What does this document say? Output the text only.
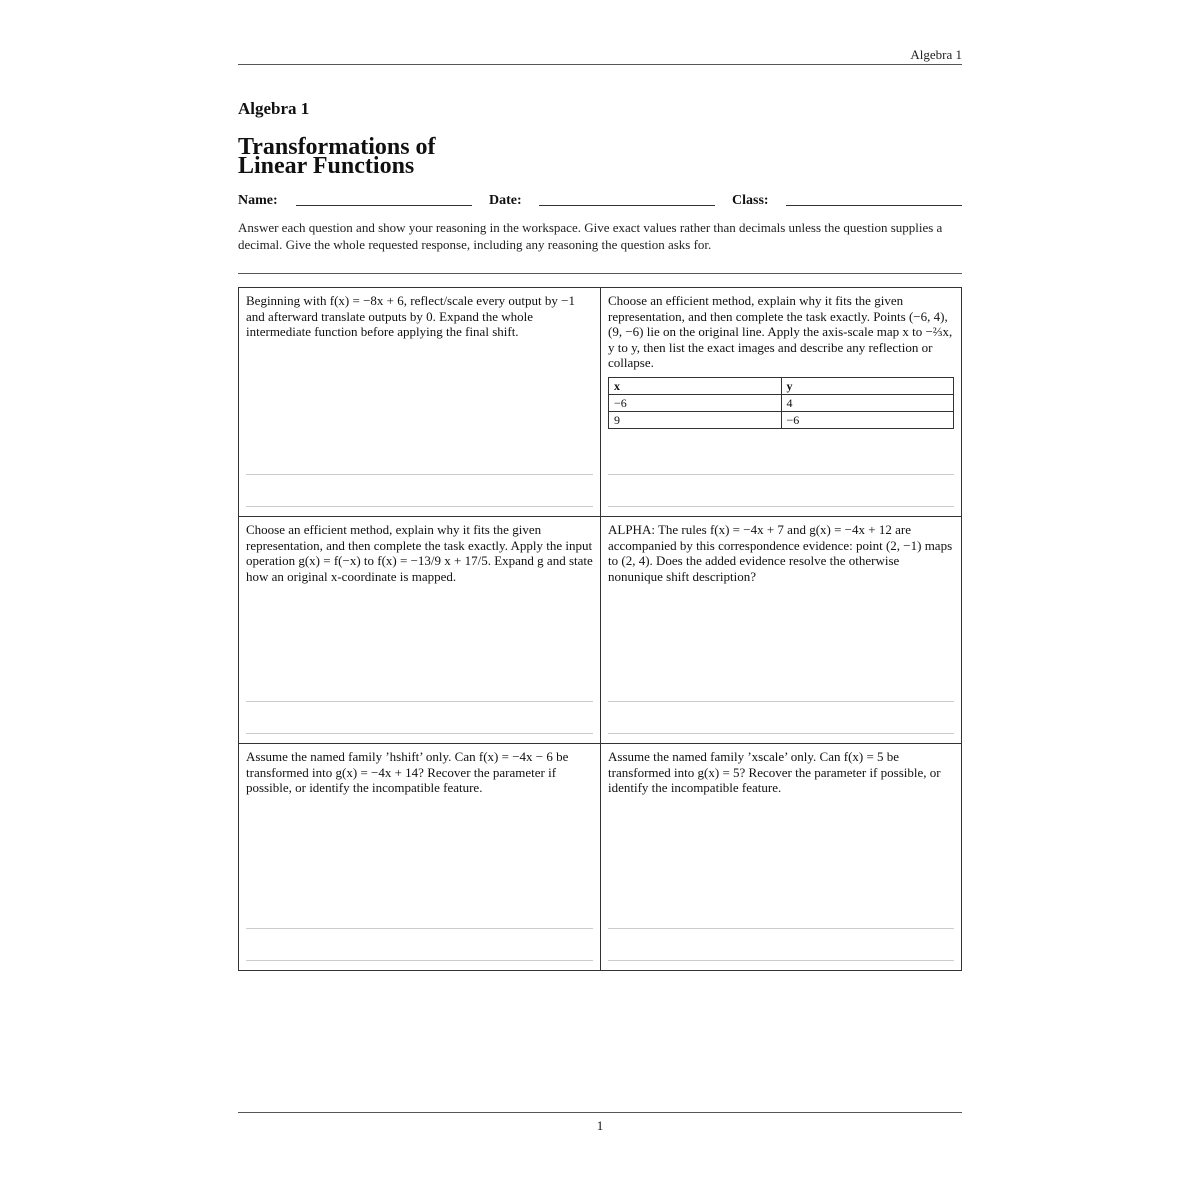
Algebra 1
Algebra 1
Transformations of
Linear Functions
Name:	Date:	Class:
Answer each question and show your reasoning in the workspace. Give exact values rather than decimals unless the question supplies a decimal. Give the whole requested response, including any reasoning the question asks for.
Beginning with f(x) = −8x + 6, reflect/scale every output by −1 and afterward translate outputs by 0. Expand the whole intermediate function before applying the final shift.
Choose an efficient method, explain why it fits the given representation, and then complete the task exactly. Points (−6, 4), (9, −6) lie on the original line. Apply the axis-scale map x to −⅔x, y to y, then list the exact images and describe any reflection or collapse.
x	y
−6	4
9	−6
Choose an efficient method, explain why it fits the given representation, and then complete the task exactly. Apply the input operation g(x) = f(−x) to f(x) = −13/9 x + 17/5. Expand g and state how an original x-coordinate is mapped.
ALPHA: The rules f(x) = −4x + 7 and g(x) = −4x + 12 are accompanied by this correspondence evidence: point (2, −1) maps to (2, 4). Does the added evidence resolve the otherwise nonunique shift description?
Assume the named family ’hshift’ only. Can f(x) = −4x − 6 be transformed into g(x) = −4x + 14? Recover the parameter if possible, or identify the incompatible feature.
Assume the named family ’xscale’ only. Can f(x) = 5 be transformed into g(x) = 5? Recover the parameter if possible, or identify the incompatible feature.
1
